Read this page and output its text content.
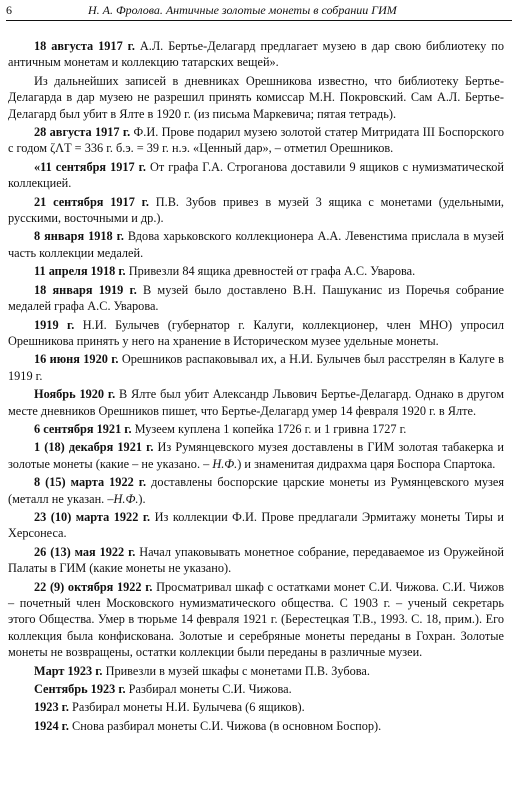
6	Н. А. Фролова. Античные золотые монеты в собрании ГИМ

18 августа 1917 г. А.Л. Бертье-Делагард предлагает музею в дар свою библиотеку по античным монетам и коллекцию татарских вещей».

Из дальнейших записей в дневниках Орешникова известно, что библиотеку Бертье-Делагарда в дар музею не разрешил принять комиссар М.Н. Покровский. Сам А.Л. Бертье-Делагард был убит в Ялте в 1920 г. (из письма Маркевича; пятая тетрадь).

28 августа 1917 г. Ф.И. Прове подарил музею золотой статер Митридата III Боспорского с годом ζΛТ = 336 г. б.э. = 39 г. н.э. «Ценный дар», – отметил Орешников.

«11 сентября 1917 г. От графа Г.А. Строганова доставили 9 ящиков с нумизматической коллекцией.

21 сентября 1917 г. П.В. Зубов привез в музей 3 ящика с монетами (удельными, русскими, восточными и др.).

8 января 1918 г. Вдова харьковского коллекционера А.А. Левенстима прислала в музей часть коллекции медалей.

11 апреля 1918 г. Привезли 84 ящика древностей от графа А.С. Уварова.

18 января 1919 г. В музей было доставлено В.Н. Пашуканис из Поречья собрание медалей графа А.С. Уварова.

1919 г. Н.И. Булычев (губернатор г. Калуги, коллекционер, член МНО) упросил Орешникова принять у него на хранение в Историческом музее удельные монеты.

16 июня 1920 г. Орешников распаковывал их, а Н.И. Булычев был расстрелян в Калуге в 1919 г.

Ноябрь 1920 г. В Ялте был убит Александр Львович Бертье-Делагард. Однако в другом месте дневников Орешников пишет, что Бертье-Делагард умер 14 февраля 1920 г. в Ялте.

6 сентября 1921 г. Музеем куплена 1 копейка 1726 г. и 1 гривна 1727 г.

1 (18) декабря 1921 г. Из Румянцевского музея доставлены в ГИМ золотая табакерка и золотые монеты (какие – не указано. – Н.Ф.) и знаменитая дидрахма царя Боспора Спартока.

8 (15) марта 1922 г. доставлены боспорские царские монеты из Румянцевского музея (металл не указан. –Н.Ф.).

23 (10) марта 1922 г. Из коллекции Ф.И. Прове предлагали Эрмитажу монеты Тиры и Херсонеса.

26 (13) мая 1922 г. Начал упаковывать монетное собрание, передаваемое из Оружейной Палаты в ГИМ (какие монеты не указано).

22 (9) октября 1922 г. Просматривал шкаф с остатками монет С.И. Чижова. С.И. Чижов – почетный член Московского нумизматического общества. С 1903 г. – ученый секретарь этого Общества. Умер в тюрьме 14 февраля 1921 г. (Берестецкая Т.В., 1993. С. 18, прим.). Его коллекция была конфискована. Золотые и серебряные монеты переданы в Гохран. Золотые монеты не возвращены, остатки коллекции были переданы в различные музеи.

Март 1923 г. Привезли в музей шкафы с монетами П.В. Зубова.

Сентябрь 1923 г. Разбирал монеты С.И. Чижова.

1923 г. Разбирал монеты Н.И. Булычева (6 ящиков).

1924 г. Снова разбирал монеты С.И. Чижова (в основном Боспор).
